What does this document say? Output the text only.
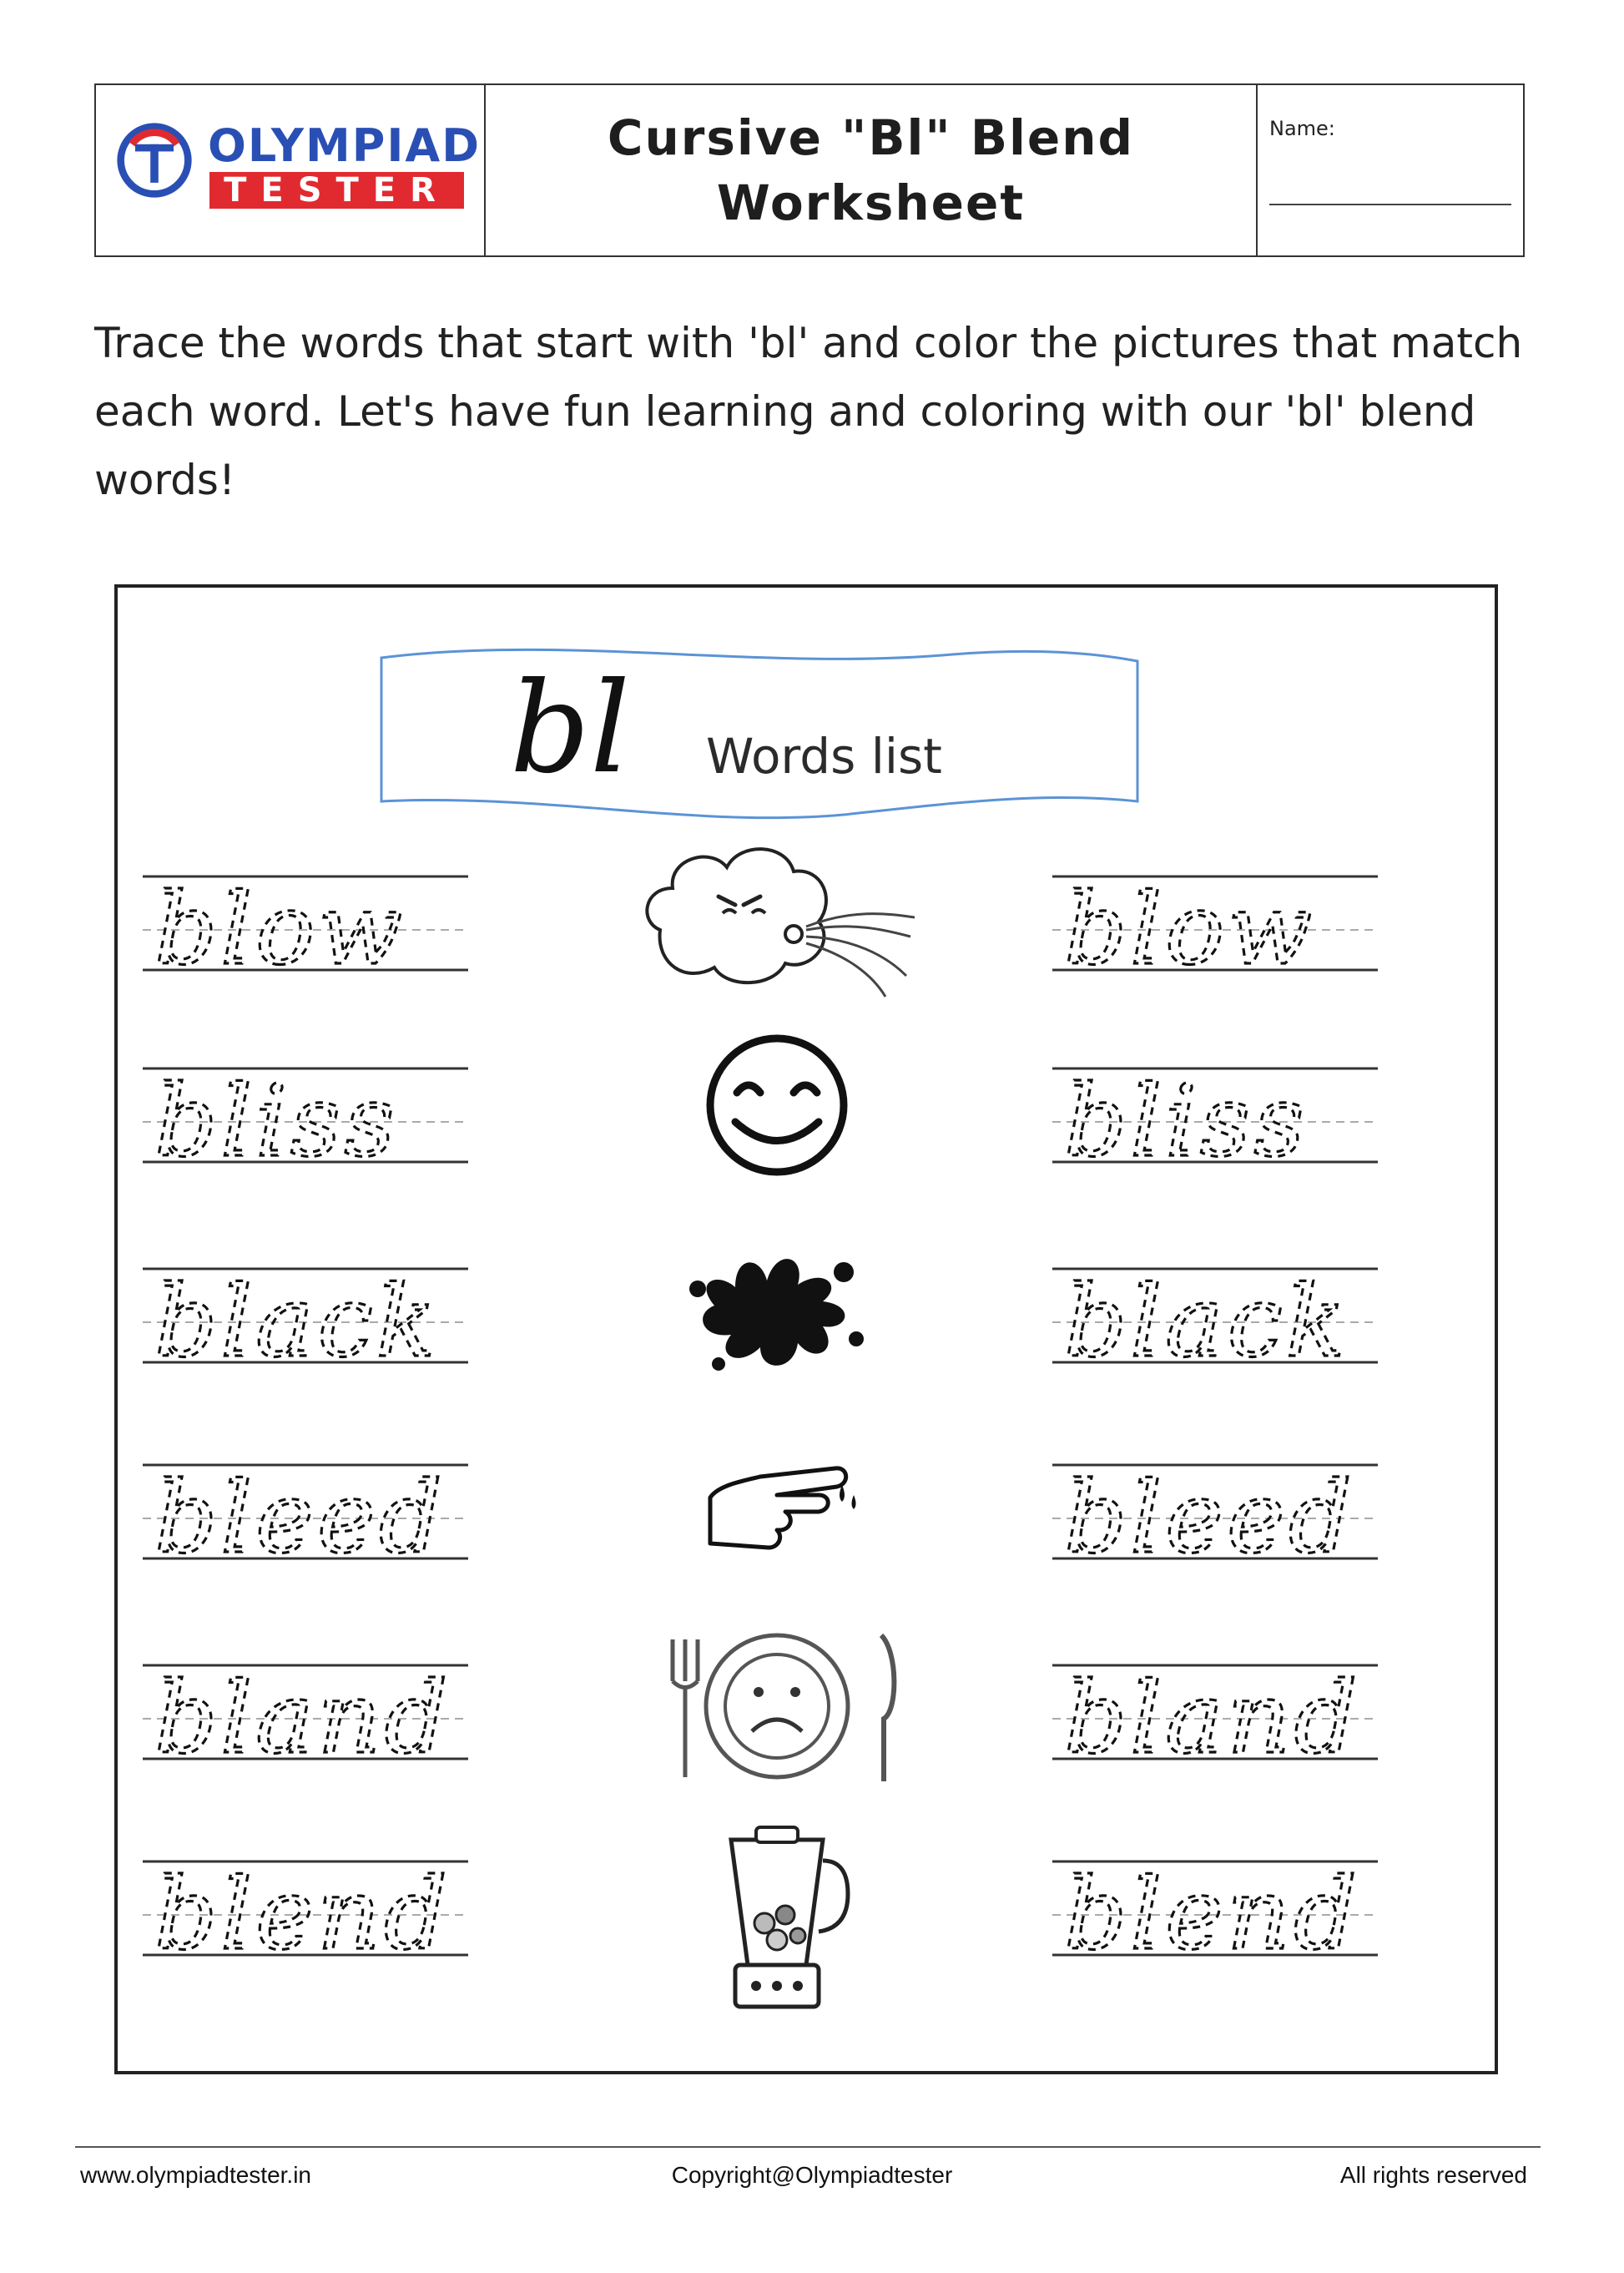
OLYMPIAD
TESTER
Cursive "Bl" Blend
Worksheet
Name:
Trace the words that start with 'bl' and color the pictures that match each word. Let's have fun learning and coloring with our 'bl' blend words!
bl Words list
blow	blow
bliss	bliss
black	black
bleed	bleed
bland	bland
blend	blend
www.olympiadtester.in	Copyright@Olympiadtester	All rights reserved
